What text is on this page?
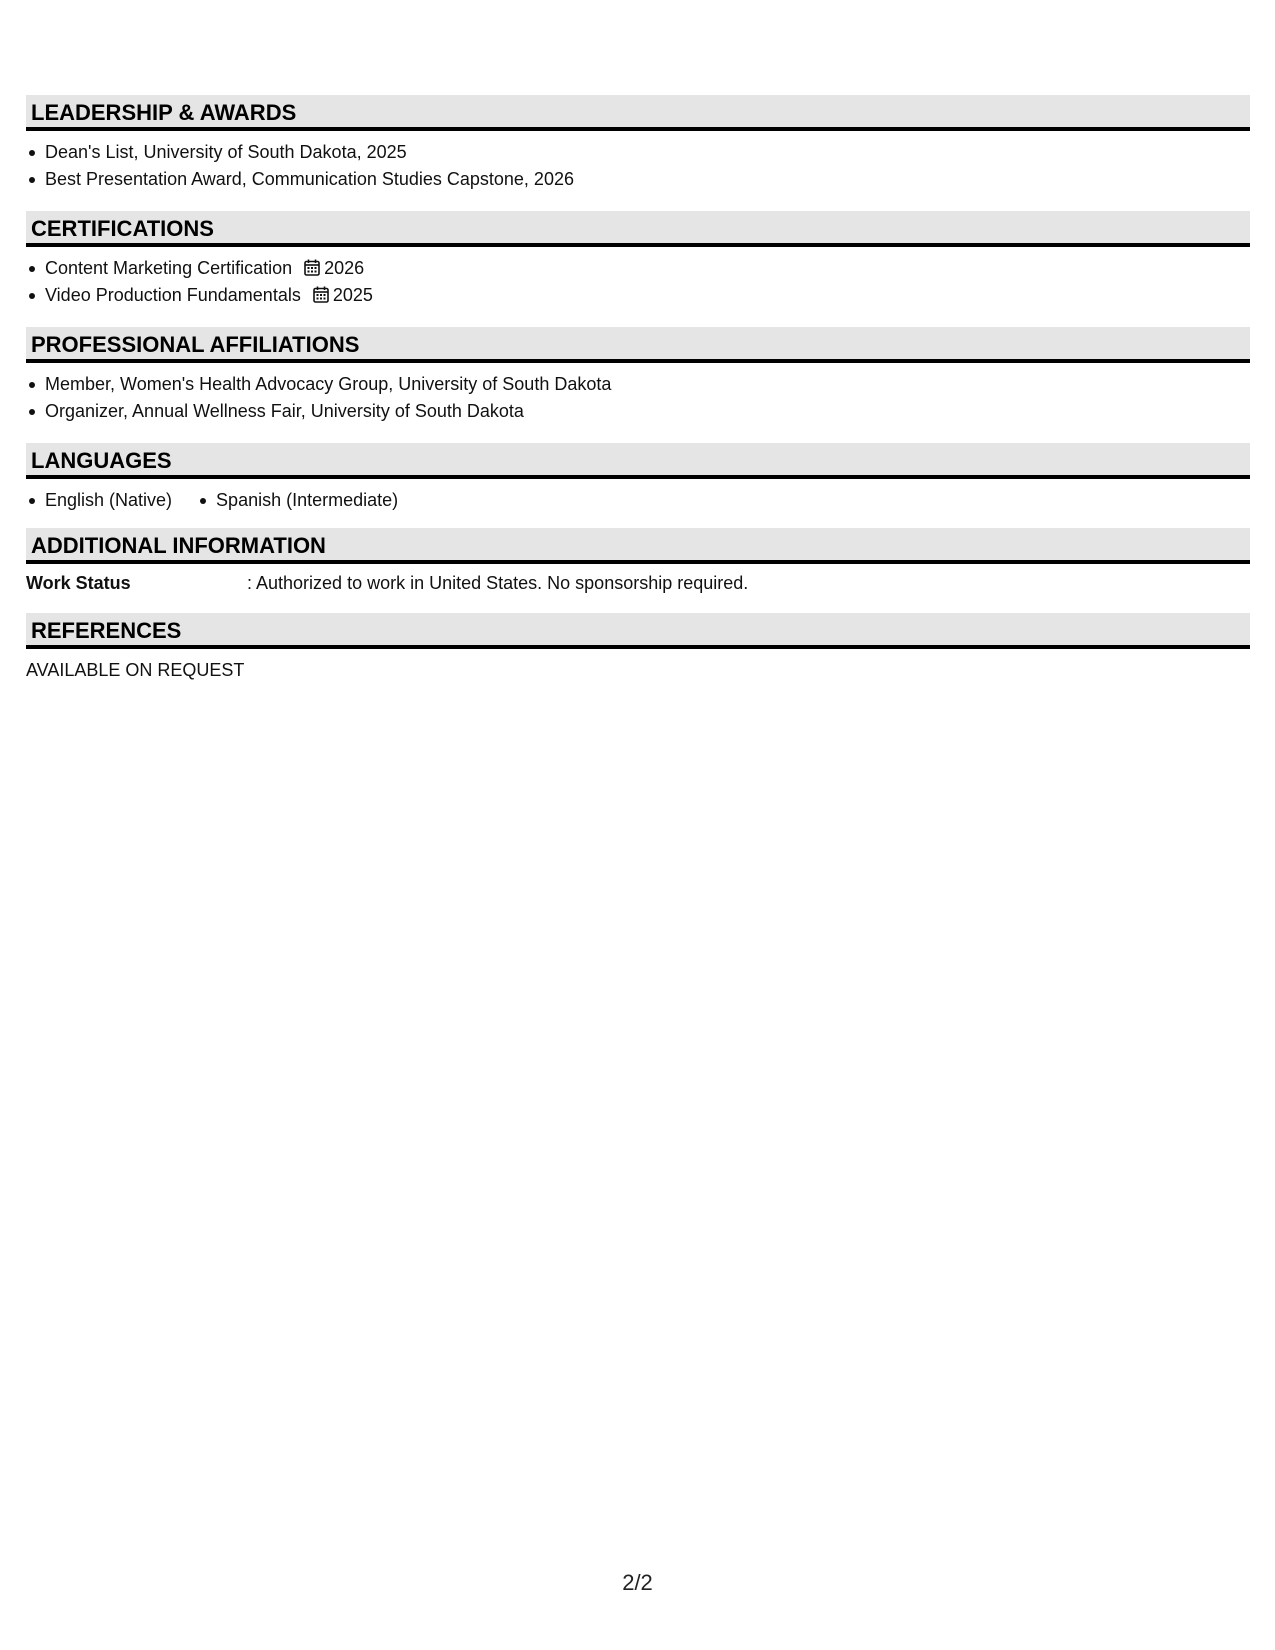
LEADERSHIP & AWARDS
Dean's List, University of South Dakota, 2025
Best Presentation Award, Communication Studies Capstone, 2026
CERTIFICATIONS
Content Marketing Certification 2026
Video Production Fundamentals 2025
PROFESSIONAL AFFILIATIONS
Member, Women's Health Advocacy Group, University of South Dakota
Organizer, Annual Wellness Fair, University of South Dakota
LANGUAGES
English (Native) Spanish (Intermediate)
ADDITIONAL INFORMATION
Work Status	: Authorized to work in United States. No sponsorship required.
REFERENCES
AVAILABLE ON REQUEST
2/2
